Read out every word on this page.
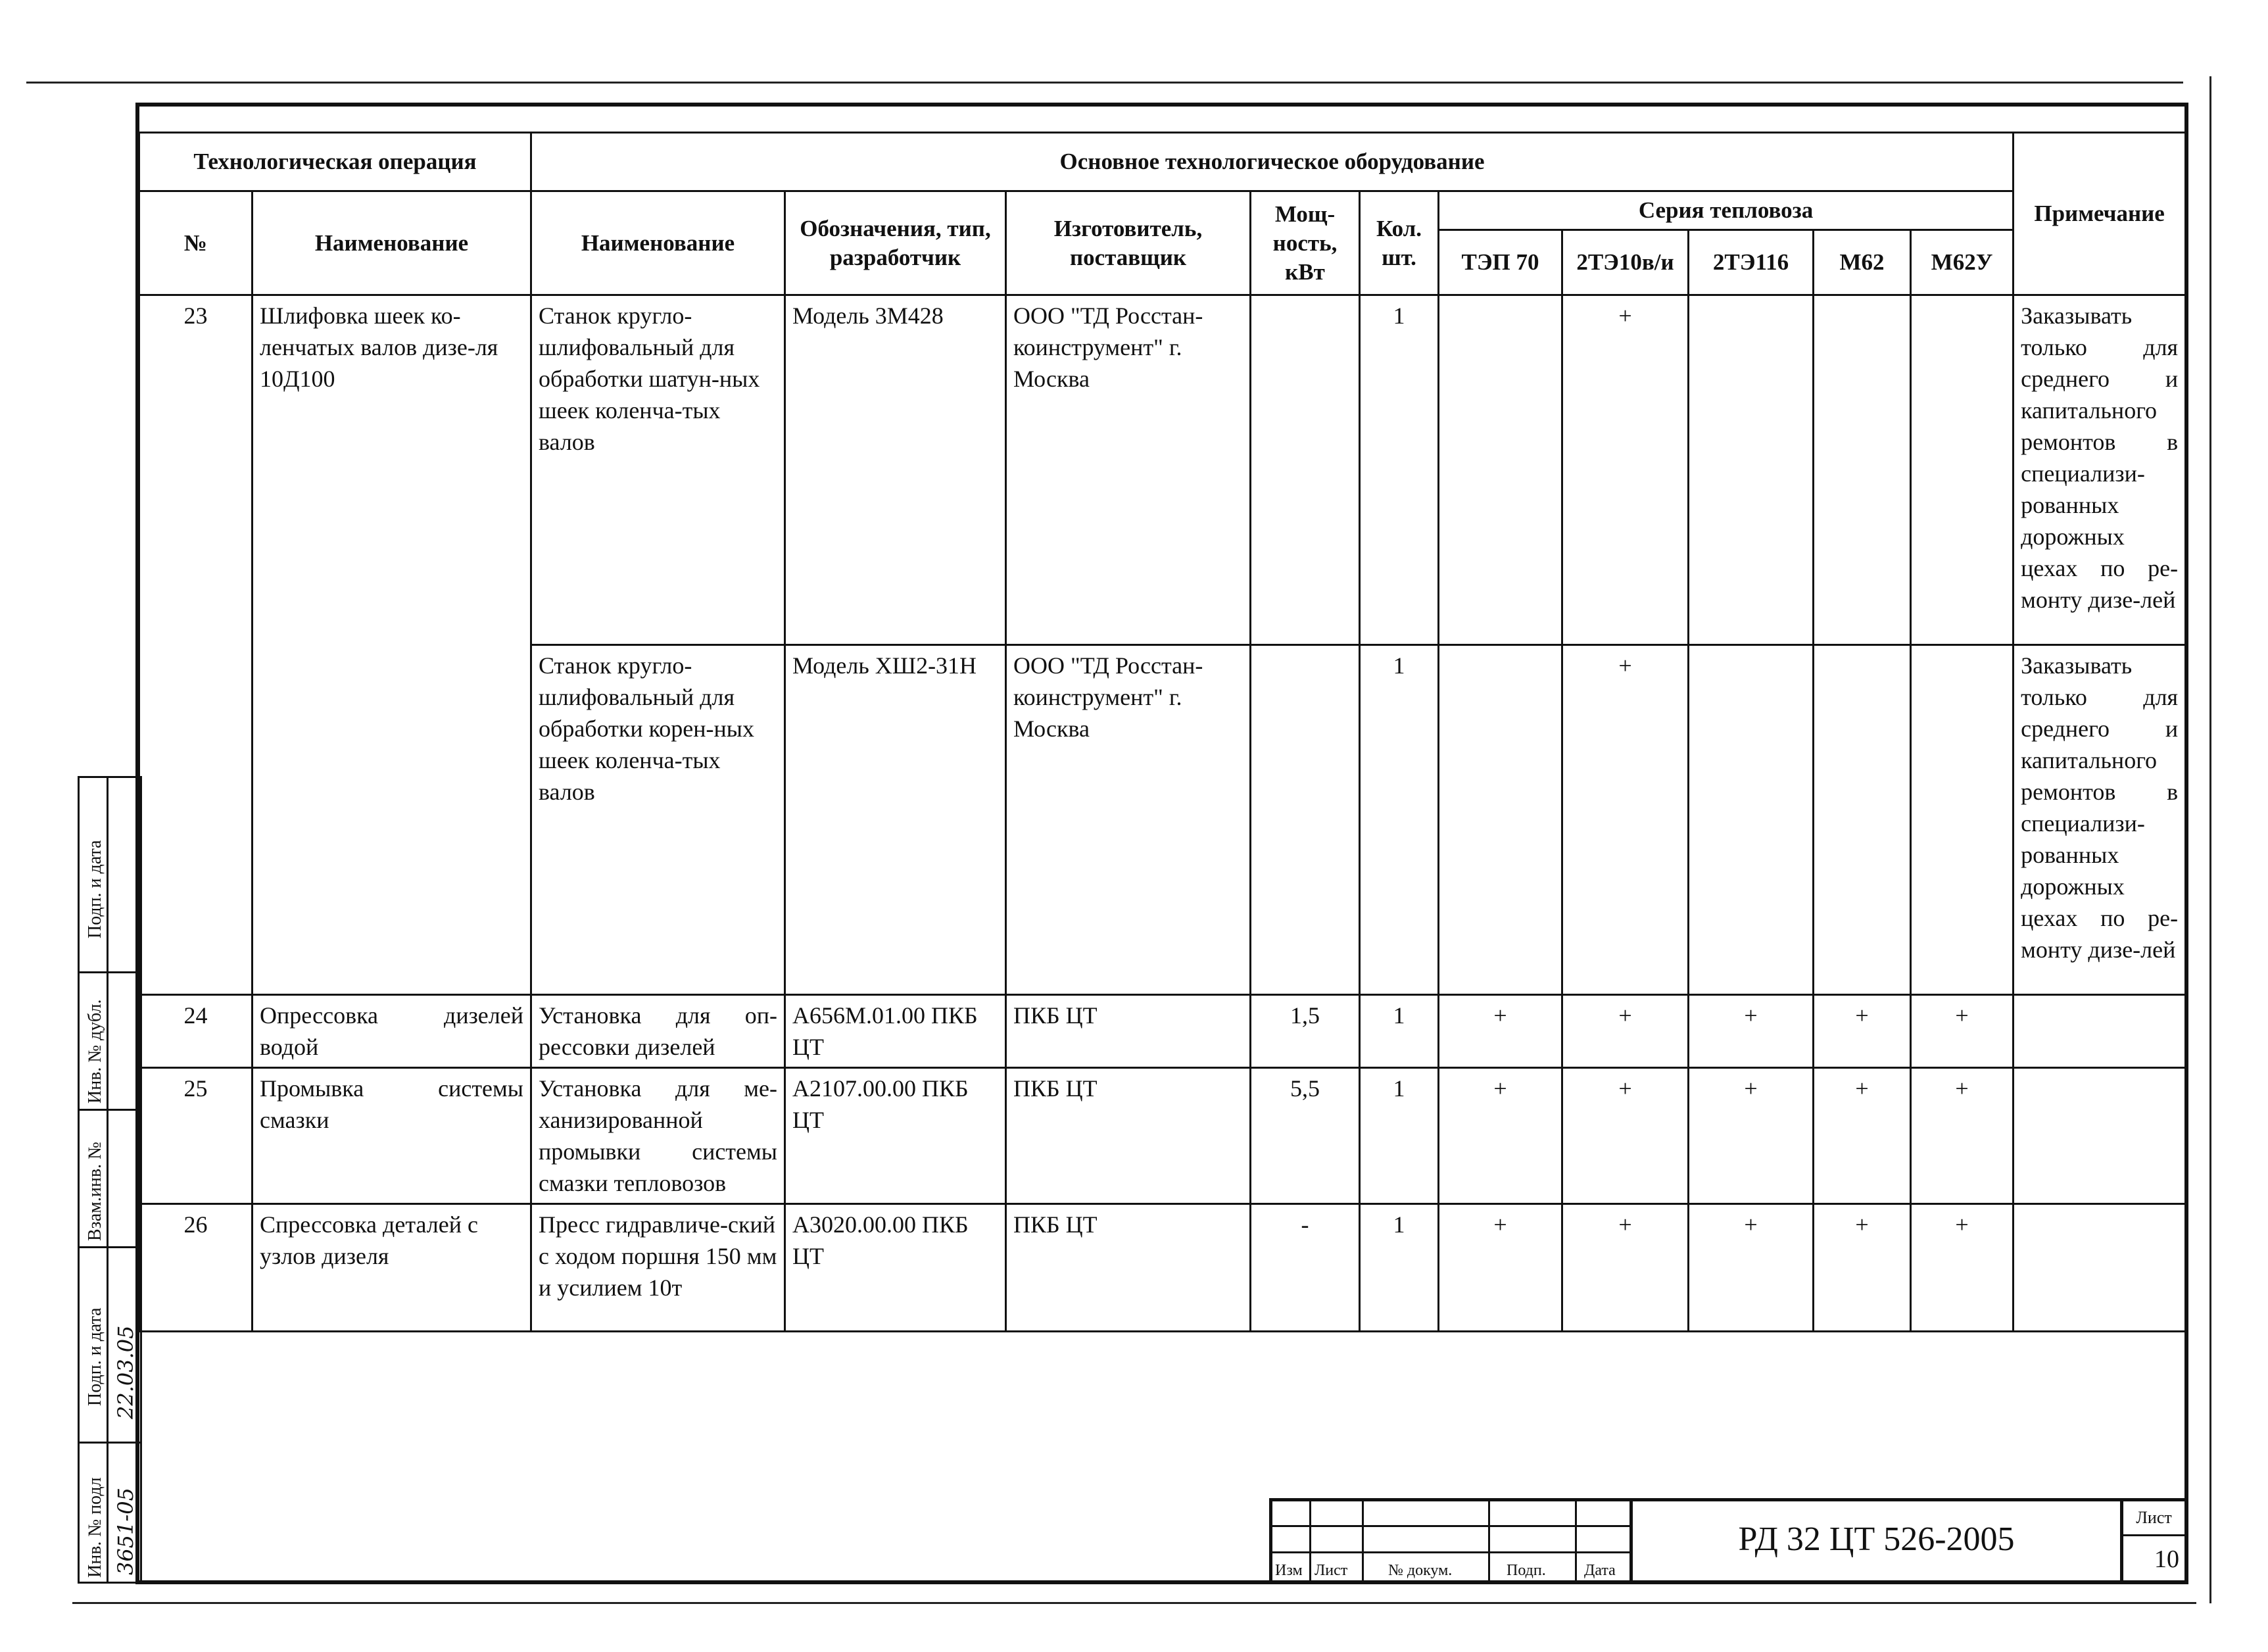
Технологическая операция		Основное технологическое оборудование										Примечание
№	Наименование	Наименование	Обозначения, тип, разработчик	Изготовитель, поставщик	Мощ-ность, кВт	Кол. шт.	Серия тепловоза					
							ТЭП 70	2ТЭ10в/и	2ТЭ116	М62	М62У	
23	Шлифовка шеек ко-ленчатых валов дизе-ля 10Д100	Станок кругло-шлифовальный для обработки шатун-ных шеек коленча-тых валов	Модель 3М428	ООО "ТД Росстан-коинструмент" г. Москва		1		+				Заказывать только для среднего и капитального ремонтов в специализи-рованных дорожных цехах по ре-монту дизе-лей
		Станок кругло-шлифовальный для обработки корен-ных шеек коленча-тых валов	Модель ХШ2-31Н	ООО "ТД Росстан-коинструмент" г. Москва		1		+				Заказывать только для среднего и капитального ремонтов в специализи-рованных дорожных цехах по ре-монту дизе-лей
24	Опрессовка дизелей водой	Установка для оп-рессовки дизелей	А656М.01.00 ПКБ ЦТ	ПКБ ЦТ	1,5	1	+	+	+	+	+	
25	Промывка системы смазки	Установка для ме-ханизированной промывки системы смазки тепловозов	А2107.00.00 ПКБ ЦТ	ПКБ ЦТ	5,5	1	+	+	+	+	+	
26	Спрессовка деталей с узлов дизеля	Пресс гидравличе-ский с ходом поршня 150 мм и усилием 10т	А3020.00.00 ПКБ ЦТ	ПКБ ЦТ	-	1	+	+	+	+	+	
Подп. и дата
Инв. № дубл.
Взам.инв. №
Подп. и дата 22.03.05
Инв. № подл 3651-05	Изм Лист	№ докум.	Подп. Дата
РД 32 ЦТ 526-2005
Лист
10
